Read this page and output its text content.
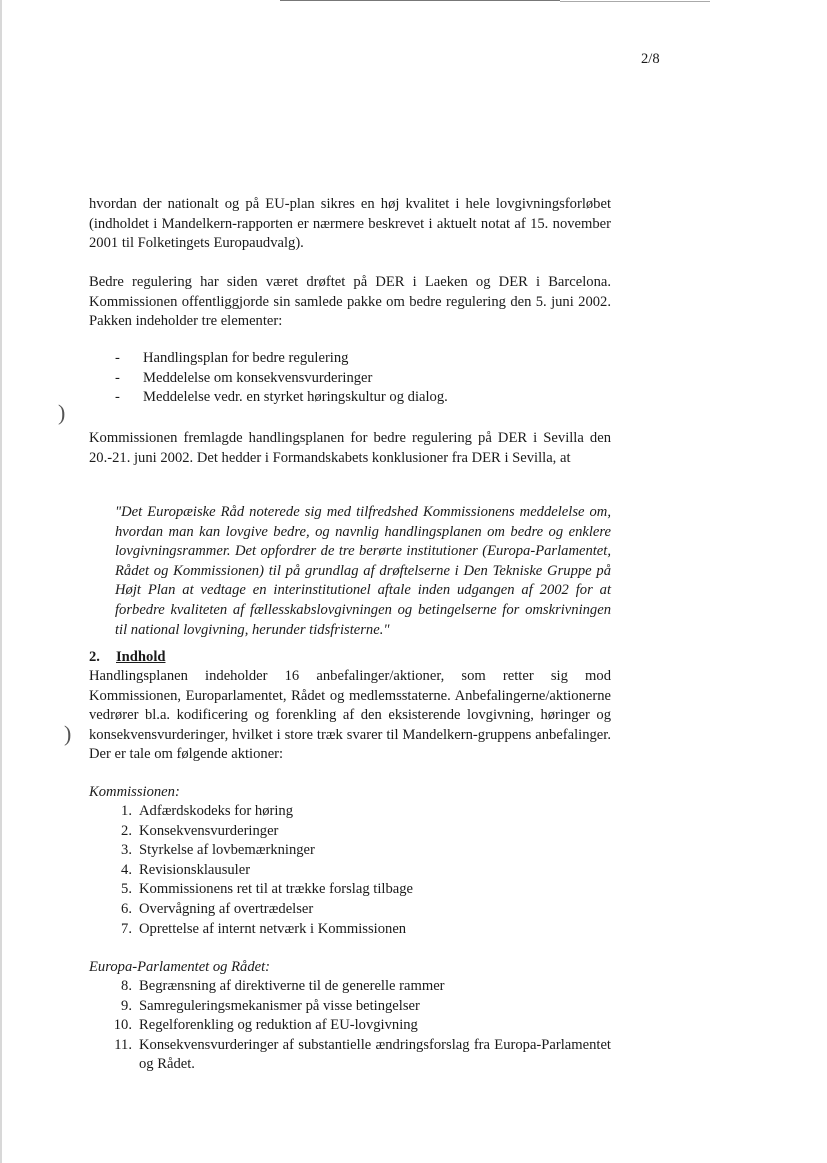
2/8
)
)

hvordan der nationalt og på EU-plan sikres en høj kvalitet i hele lovgivningsforløbet (indholdet i Mandelkern-rapporten er nærmere beskrevet i aktuelt notat af 15. november 2001 til Folketingets Europaudvalg).

Bedre regulering har siden været drøftet på DER i Laeken og DER i Barcelona. Kommissionen offentliggjorde sin samlede pakke om bedre regulering den 5. juni 2002. Pakken indeholder tre elementer:

- Handlingsplan for bedre regulering
- Meddelelse om konsekvensvurderinger
- Meddelelse vedr. en styrket høringskultur og dialog.

Kommissionen fremlagde handlingsplanen for bedre regulering på DER i Sevilla den 20.-21. juni 2002. Det hedder i Formandskabets konklusioner fra DER i Sevilla, at

"Det Europæiske Råd noterede sig med tilfredshed Kommissionens meddelelse om, hvordan man kan lovgive bedre, og navnlig handlingsplanen om bedre og enklere lovgivningsrammer. Det opfordrer de tre berørte institutioner (Europa-Parlamentet, Rådet og Kommissionen) til på grundlag af drøftelserne i Den Tekniske Gruppe på Højt Plan at vedtage en interinstitutionel aftale inden udgangen af 2002 for at forbedre kvaliteten af fællesskabslovgivningen og betingelserne for omskrivningen til national lovgivning, herunder tidsfristerne."

2. Indhold

Handlingsplanen indeholder 16 anbefalinger/aktioner, som retter sig mod Kommissionen, Europarlamentet, Rådet og medlemsstaterne. Anbefalingerne/aktionerne vedrører bl.a. kodificering og forenkling af den eksisterende lovgivning, høringer og konsekvensvurderinger, hvilket i store træk svarer til Mandelkern-gruppens anbefalinger. Der er tale om følgende aktioner:

Kommissionen:
1. Adfærdskodeks for høring
2. Konsekvensvurderinger
3. Styrkelse af lovbemærkninger
4. Revisionsklausuler
5. Kommissionens ret til at trække forslag tilbage
6. Overvågning af overtrædelser
7. Oprettelse af internt netværk i Kommissionen
Europa-Parlamentet og Rådet:
8. Begrænsning af direktiverne til de generelle rammer
9. Samreguleringsmekanismer på visse betingelser
10. Regelforenkling og reduktion af EU-lovgivning
11. Konsekvensvurderinger af substantielle ændringsforslag fra Europa-Parlamentet og Rådet.
